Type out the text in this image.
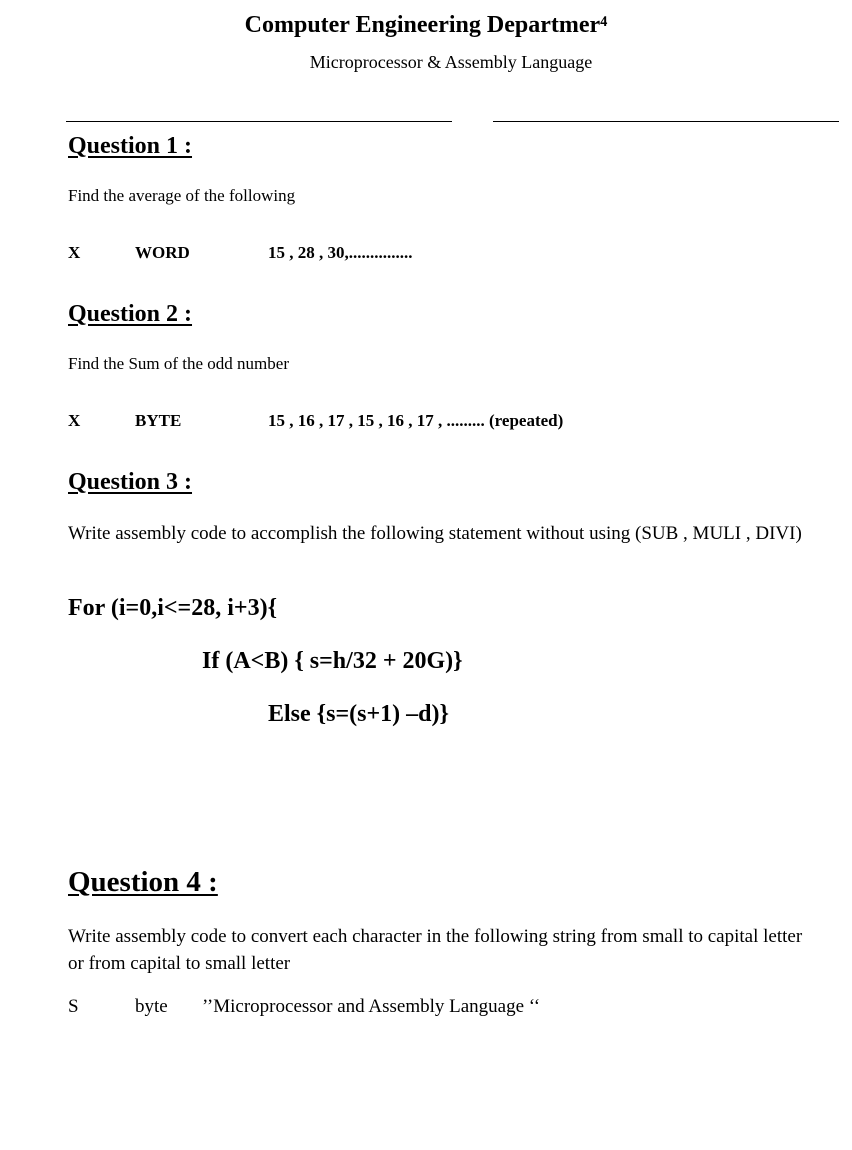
Computer Engineering Departmer⁴
Microprocessor & Assembly Language
Question 1 :
Find the average of the following
X	WORD	15 , 28 , 30,...............
Question 2 :
Find the Sum of the odd number
X	BYTE	15 , 16 , 17 , 15 , 16 , 17 , ......... (repeated)
Question 3 :
Write assembly code to accomplish the following statement without using (SUB , MULI , DIVI)
For (i=0,i<=28, i+3){
If (A<B) { s=h/32 + 20G)}
Else {s=(s+1) –d)}
Question 4 :
Write assembly code to convert each character in the following string from small to capital letter or from capital to small letter
S	byte ’’Microprocessor and Assembly Language ‘‘
